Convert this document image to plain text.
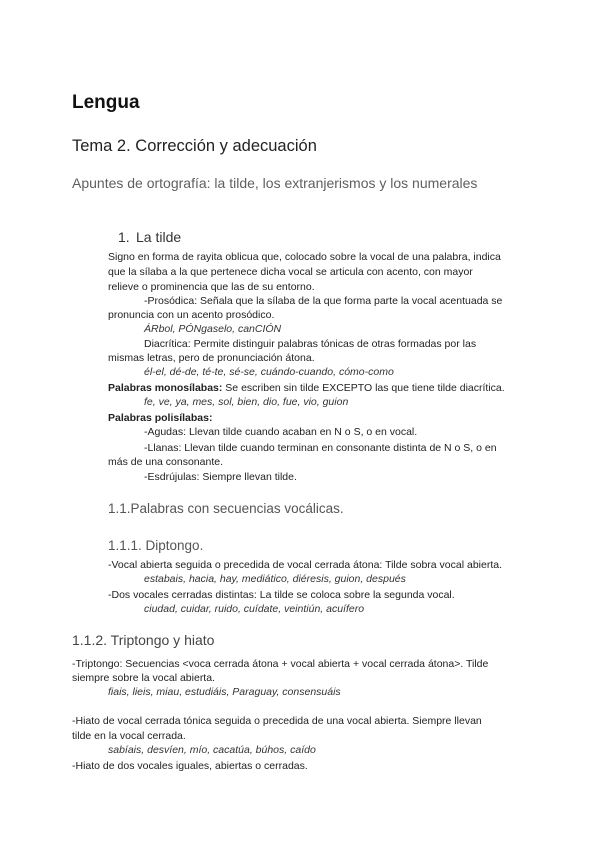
Lengua
Tema 2. Corrección y adecuación
Apuntes de ortografía: la tilde, los extranjerismos y los numerales
1. La tilde
Signo en forma de rayita oblicua que, colocado sobre la vocal de una palabra, indica
que la sílaba a la que pertenece dicha vocal se articula con acento, con mayor
relieve o prominencia que las de su entorno.
-Prosódica: Señala que la sílaba de la que forma parte la vocal acentuada se
pronuncia con un acento prosódico.
ÁRbol, PÓNgaselo, canCIÓN
Diacrítica: Permite distinguir palabras tónicas de otras formadas por las
mismas letras, pero de pronunciación átona.
él-el, dé-de, té-te, sé-se, cuándo-cuando, cómo-como
Palabras monosílabas: Se escriben sin tilde EXCEPTO las que tiene tilde diacrítica.
fe, ve, ya, mes, sol, bien, dio, fue, vio, guion
Palabras polisílabas:
-Agudas: Llevan tilde cuando acaban en N o S, o en vocal.
-Llanas: Llevan tilde cuando terminan en consonante distinta de N o S, o en
más de una consonante.
-Esdrújulas: Siempre llevan tilde.
1.1.Palabras con secuencias vocálicas.
1.1.1. Diptongo.
-Vocal abierta seguida o precedida de vocal cerrada átona: Tilde sobra vocal abierta.
estabais, hacia, hay, mediático, diéresis, guion, después
-Dos vocales cerradas distintas: La tilde se coloca sobre la segunda vocal.
ciudad, cuidar, ruido, cuídate, veintiún, acuífero
1.1.2. Triptongo y hiato
-Triptongo: Secuencias <voca cerrada átona + vocal abierta + vocal cerrada átona>. Tilde
siempre sobre la vocal abierta.
fiais, lieis, miau, estudiáis, Paraguay, consensuáis
-Hiato de vocal cerrada tónica seguida o precedida de una vocal abierta. Siempre llevan
tilde en la vocal cerrada.
sabíais, desvíen, mío, cacatúa, búhos, caído
-Hiato de dos vocales iguales, abiertas o cerradas.
